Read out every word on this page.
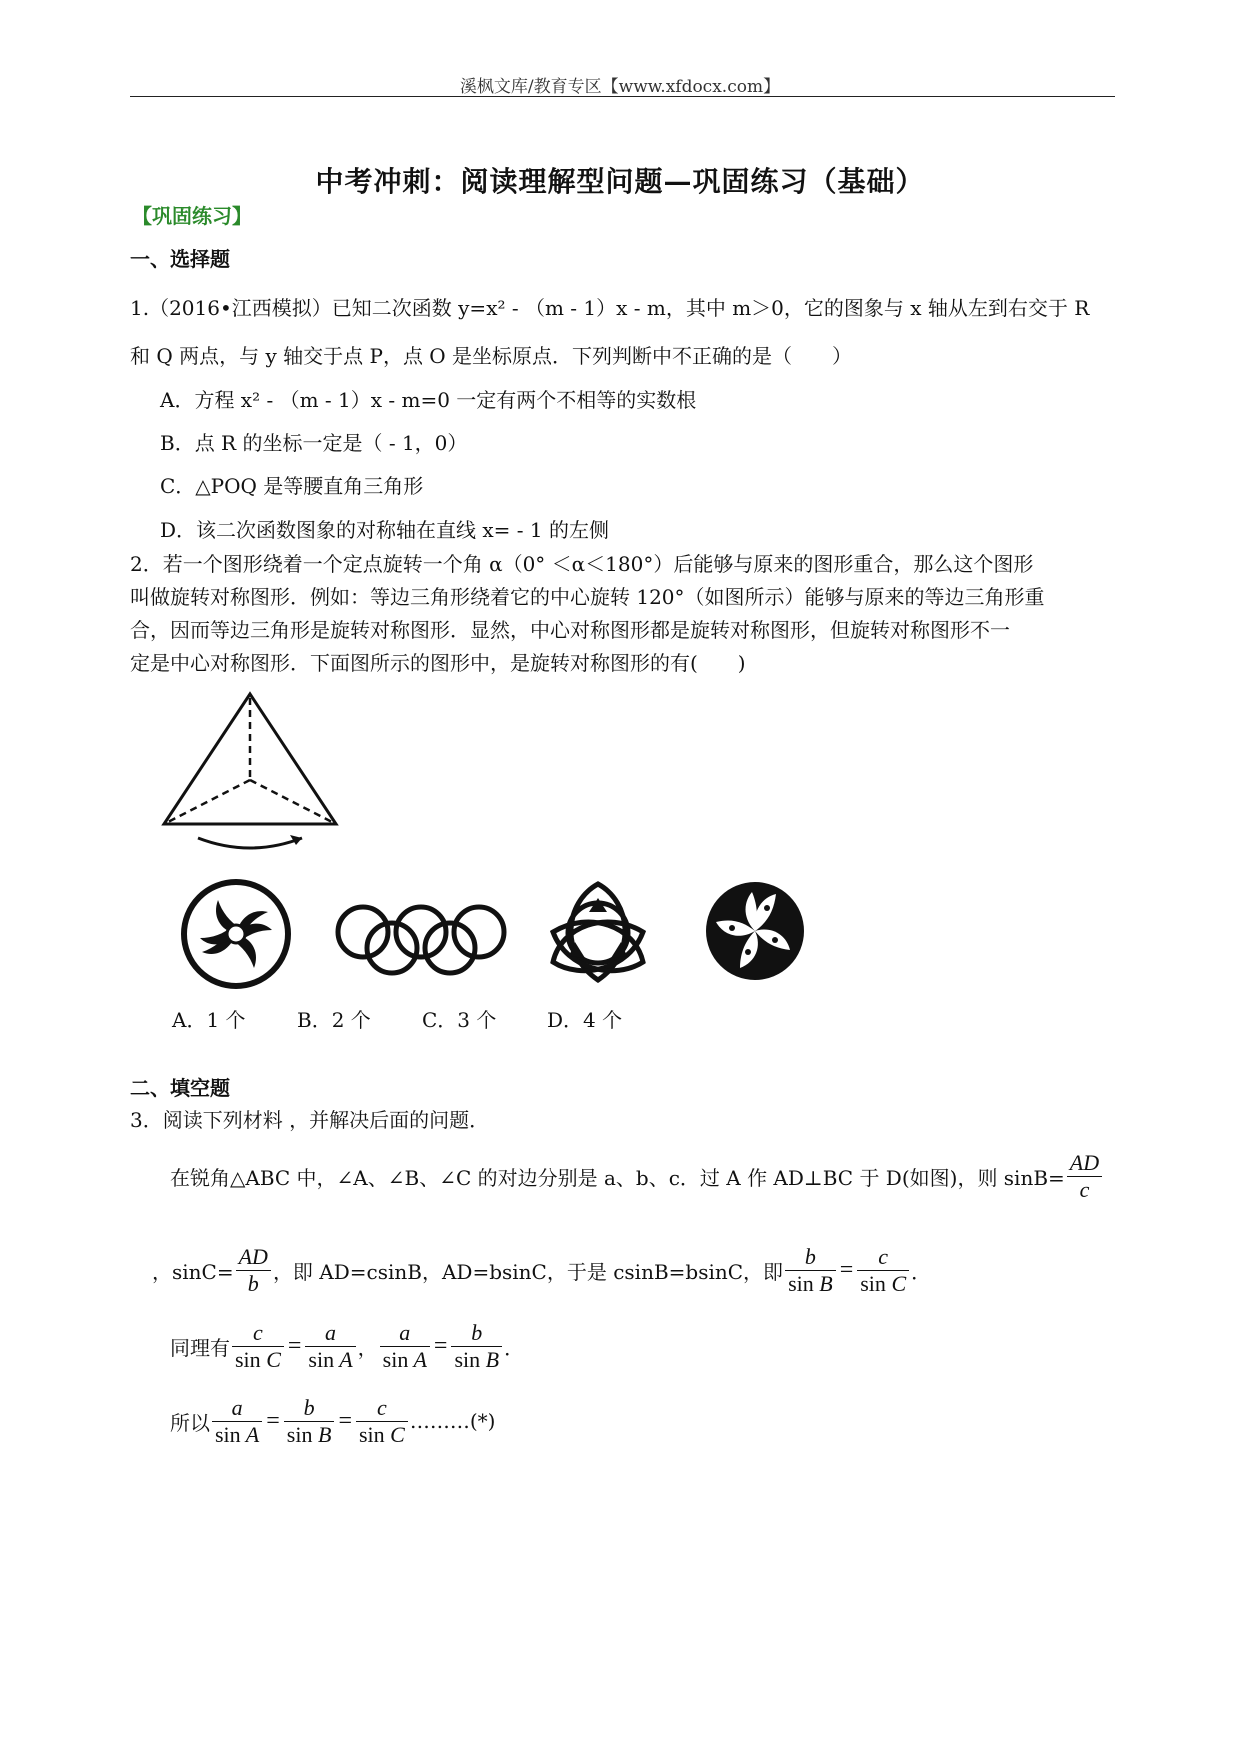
溪枫文库/教育专区【www.xfdocx.com】
中考冲刺：阅读理解型问题—巩固练习（基础）
【巩固练习】
一、选择题
1.（2016•江西模拟）已知二次函数 y=x² - （m - 1）x - m，其中 m＞0，它的图象与 x 轴从左到右交于 R
和 Q 两点，与 y 轴交于点 P，点 O 是坐标原点．下列判断中不正确的是（　　）
A．方程 x² - （m - 1）x - m=0 一定有两个不相等的实数根
B．点 R 的坐标一定是（ - 1，0）
C．△POQ 是等腰直角三角形
D．该二次函数图象的对称轴在直线 x= - 1 的左侧
2．若一个图形绕着一个定点旋转一个角 α（0° ＜α＜180°）后能够与原来的图形重合，那么这个图形
叫做旋转对称图形．例如：等边三角形绕着它的中心旋转 120°（如图所示）能够与原来的等边三角形重
合，因而等边三角形是旋转对称图形．显然，中心对称图形都是旋转对称图形，但旋转对称图形不一
定是中心对称图形．下面图所示的图形中，是旋转对称图形的有(　　)
A．1 个	B．2 个	C．3 个	D．4 个
二、填空题
3．阅读下列材料 ，并解决后面的问题．
在锐角△ABC 中，∠A、∠B、∠C 的对边分别是 a、b、c．过 A 作 AD⊥BC 于 D(如图)，则 $\sin B= \frac{AD}{c}$
，$\sin C= \frac{AD}{b}$ ，即 AD=csinB，AD=bsinC，于是 csinB=bsinC，即 $\frac{b}{\text{sin B}} = \frac{c}{\text{sin C}}$ ．
同理有 $\frac{c}{\text{sin C}} = \frac{a}{\text{sin A}}$ ， $\frac{a}{\text{sin A}} = \frac{b}{\text{sin B}}$ ．
所以 $\frac{a}{\text{sin A}} = \frac{b}{\text{sin B}} = \frac{c}{\text{sin C}}$ ………(*)
